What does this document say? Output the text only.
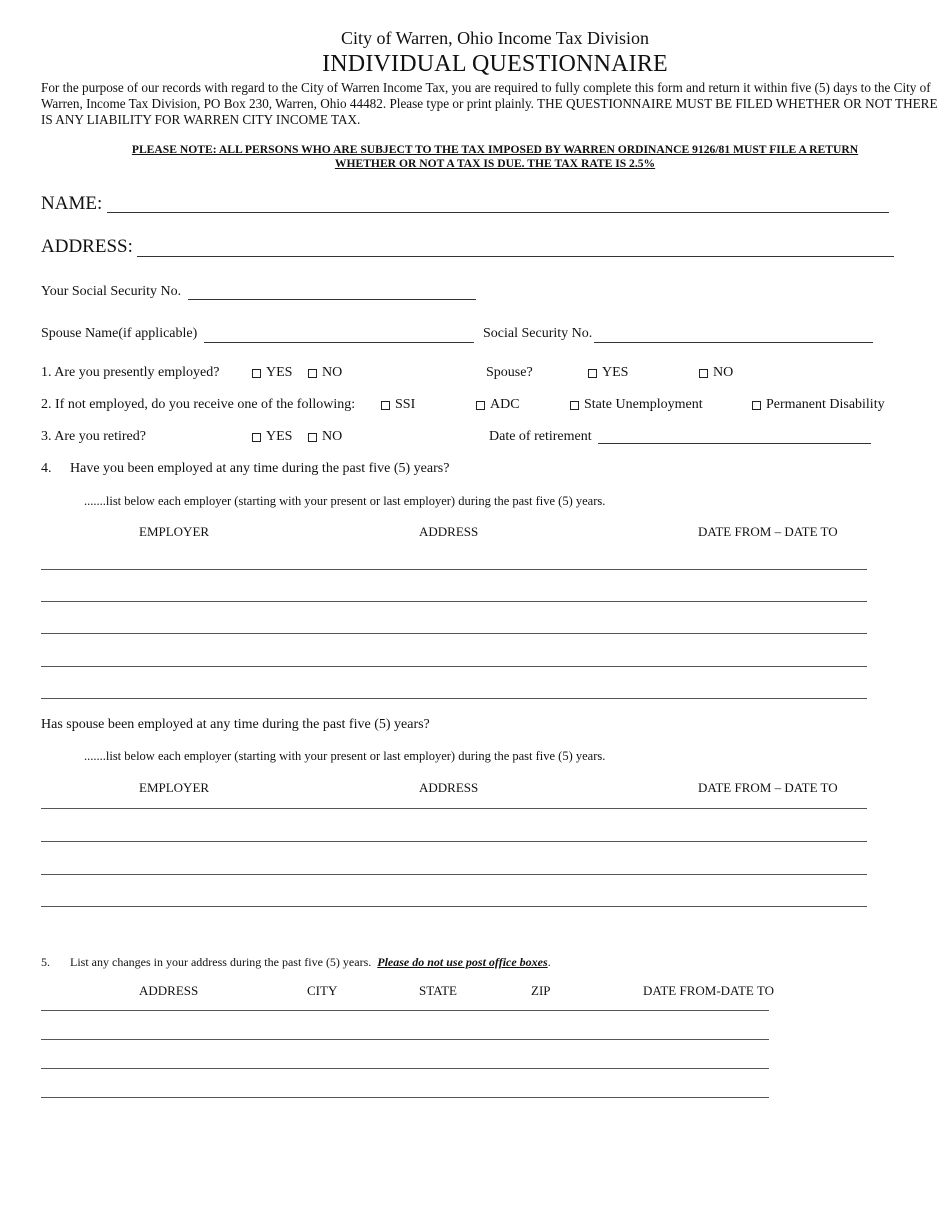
City of Warren, Ohio Income Tax Division
INDIVIDUAL QUESTIONNAIRE
For the purpose of our records with regard to the City of Warren Income Tax, you are required to fully complete this form and return it within five (5) days to the City of Warren, Income Tax Division, PO Box 230, Warren, Ohio 44482. Please type or print plainly. THE QUESTIONNAIRE MUST BE FILED WHETHER OR NOT THERE IS ANY LIABILITY FOR WARREN CITY INCOME TAX.
PLEASE NOTE: ALL PERSONS WHO ARE SUBJECT TO THE TAX IMPOSED BY WARREN ORDINANCE 9126/81 MUST FILE A RETURN
WHETHER OR NOT A TAX IS DUE. THE TAX RATE IS 2.5%
NAME:
ADDRESS:
Your Social Security No.
Spouse Name(if applicable)	Social Security No.
1. Are you presently employed?	YES NO	Spouse?	YES	NO
2. If not employed, do you receive one of the following:	SSI	ADC	State Unemployment	Permanent Disability
3. Are you retired?	YES NO	Date of retirement
4. Have you been employed at any time during the past five (5) years?
.......list below each employer (starting with your present or last employer) during the past five (5) years.
EMPLOYER	ADDRESS	DATE FROM – DATE TO
Has spouse been employed at any time during the past five (5) years?
.......list below each employer (starting with your present or last employer) during the past five (5) years.
EMPLOYER	ADDRESS	DATE FROM – DATE TO
5. List any changes in your address during the past five (5) years. Please do not use post office boxes.
ADDRESS	CITY	STATE	ZIP	DATE FROM-DATE TO
